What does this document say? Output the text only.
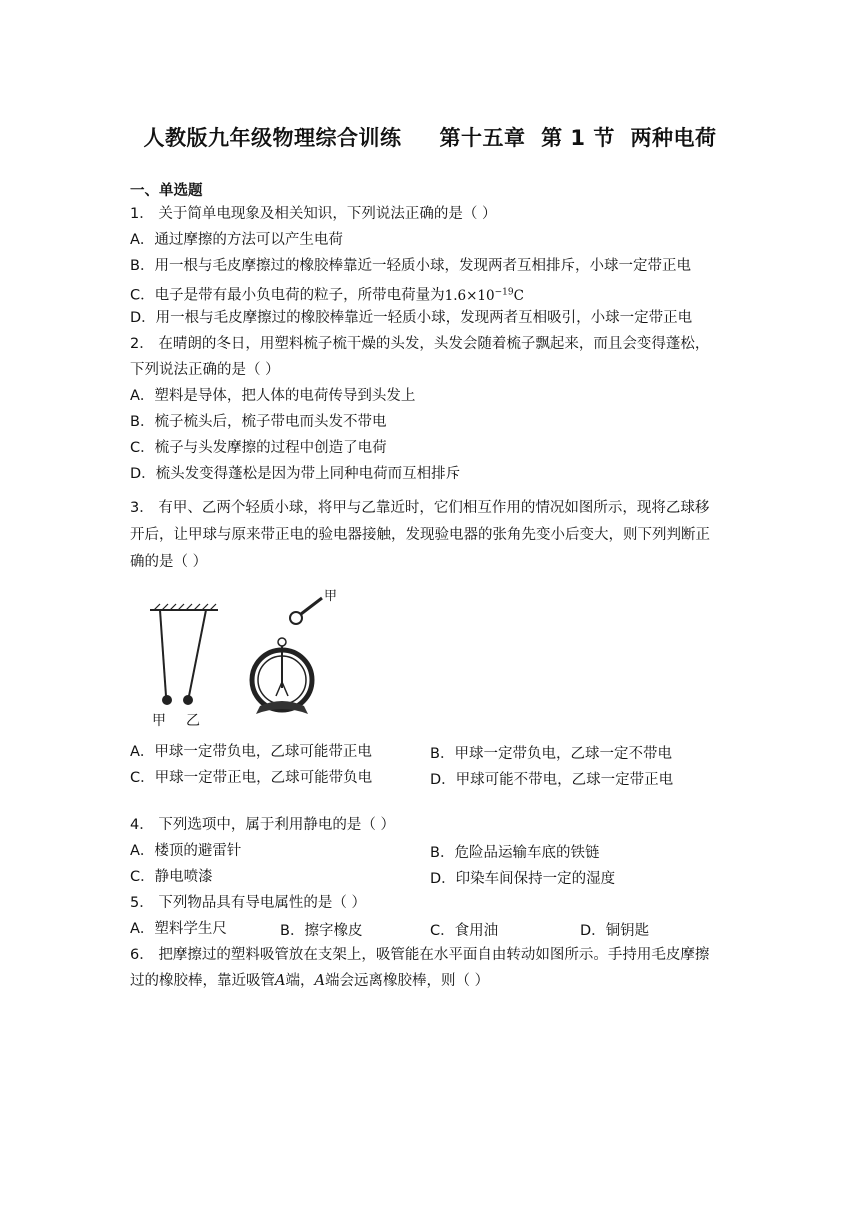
人教版九年级物理综合训练 第十五章  第 1 节  两种电荷
一、单选题
1． 关于简单电现象及相关知识，下列说法正确的是（ ）
A．通过摩擦的方法可以产生电荷
B．用一根与毛皮摩擦过的橡胶棒靠近一轻质小球，发现两者互相排斥，小球一定带正电
C．电子是带有最小负电荷的粒子，所带电荷量为$1.6\times 10^{-19}C$
D．用一根与毛皮摩擦过的橡胶棒靠近一轻质小球，发现两者互相吸引，小球一定带正电
2． 在晴朗的冬日，用塑料梳子梳干燥的头发，头发会随着梳子飘起来，而且会变得蓬松，
下列说法正确的是（ ）
A．塑料是导体，把人体的电荷传导到头发上
B．梳子梳头后，梳子带电而头发不带电
C．梳子与头发摩擦的过程中创造了电荷
D．梳头发变得蓬松是因为带上同种电荷而互相排斥
3． 有甲、乙两个轻质小球，将甲与乙靠近时，它们相互作用的情况如图所示，现将乙球移
开后，让甲球与原来带正电的验电器接触，发现验电器的张角先变小后变大，则下列判断正
确的是（ ）
甲 乙
甲
A．甲球一定带负电，乙球可能带正电	B．甲球一定带负电，乙球一定不带电
C．甲球一定带正电，乙球可能带负电	D．甲球可能不带电，乙球一定带正电
4． 下列选项中，属于利用静电的是（ ）
A．楼顶的避雷针	B．危险品运输车底的铁链
C．静电喷漆	D．印染车间保持一定的湿度
5． 下列物品具有导电属性的是（ ）
A．塑料学生尺	B．擦字橡皮	C．食用油	D．铜钥匙
6． 把摩擦过的塑料吸管放在支架上，吸管能在水平面自由转动如图所示。手持用毛皮摩擦
过的橡胶棒，靠近吸管A端，A端会远离橡胶棒，则（ ）
